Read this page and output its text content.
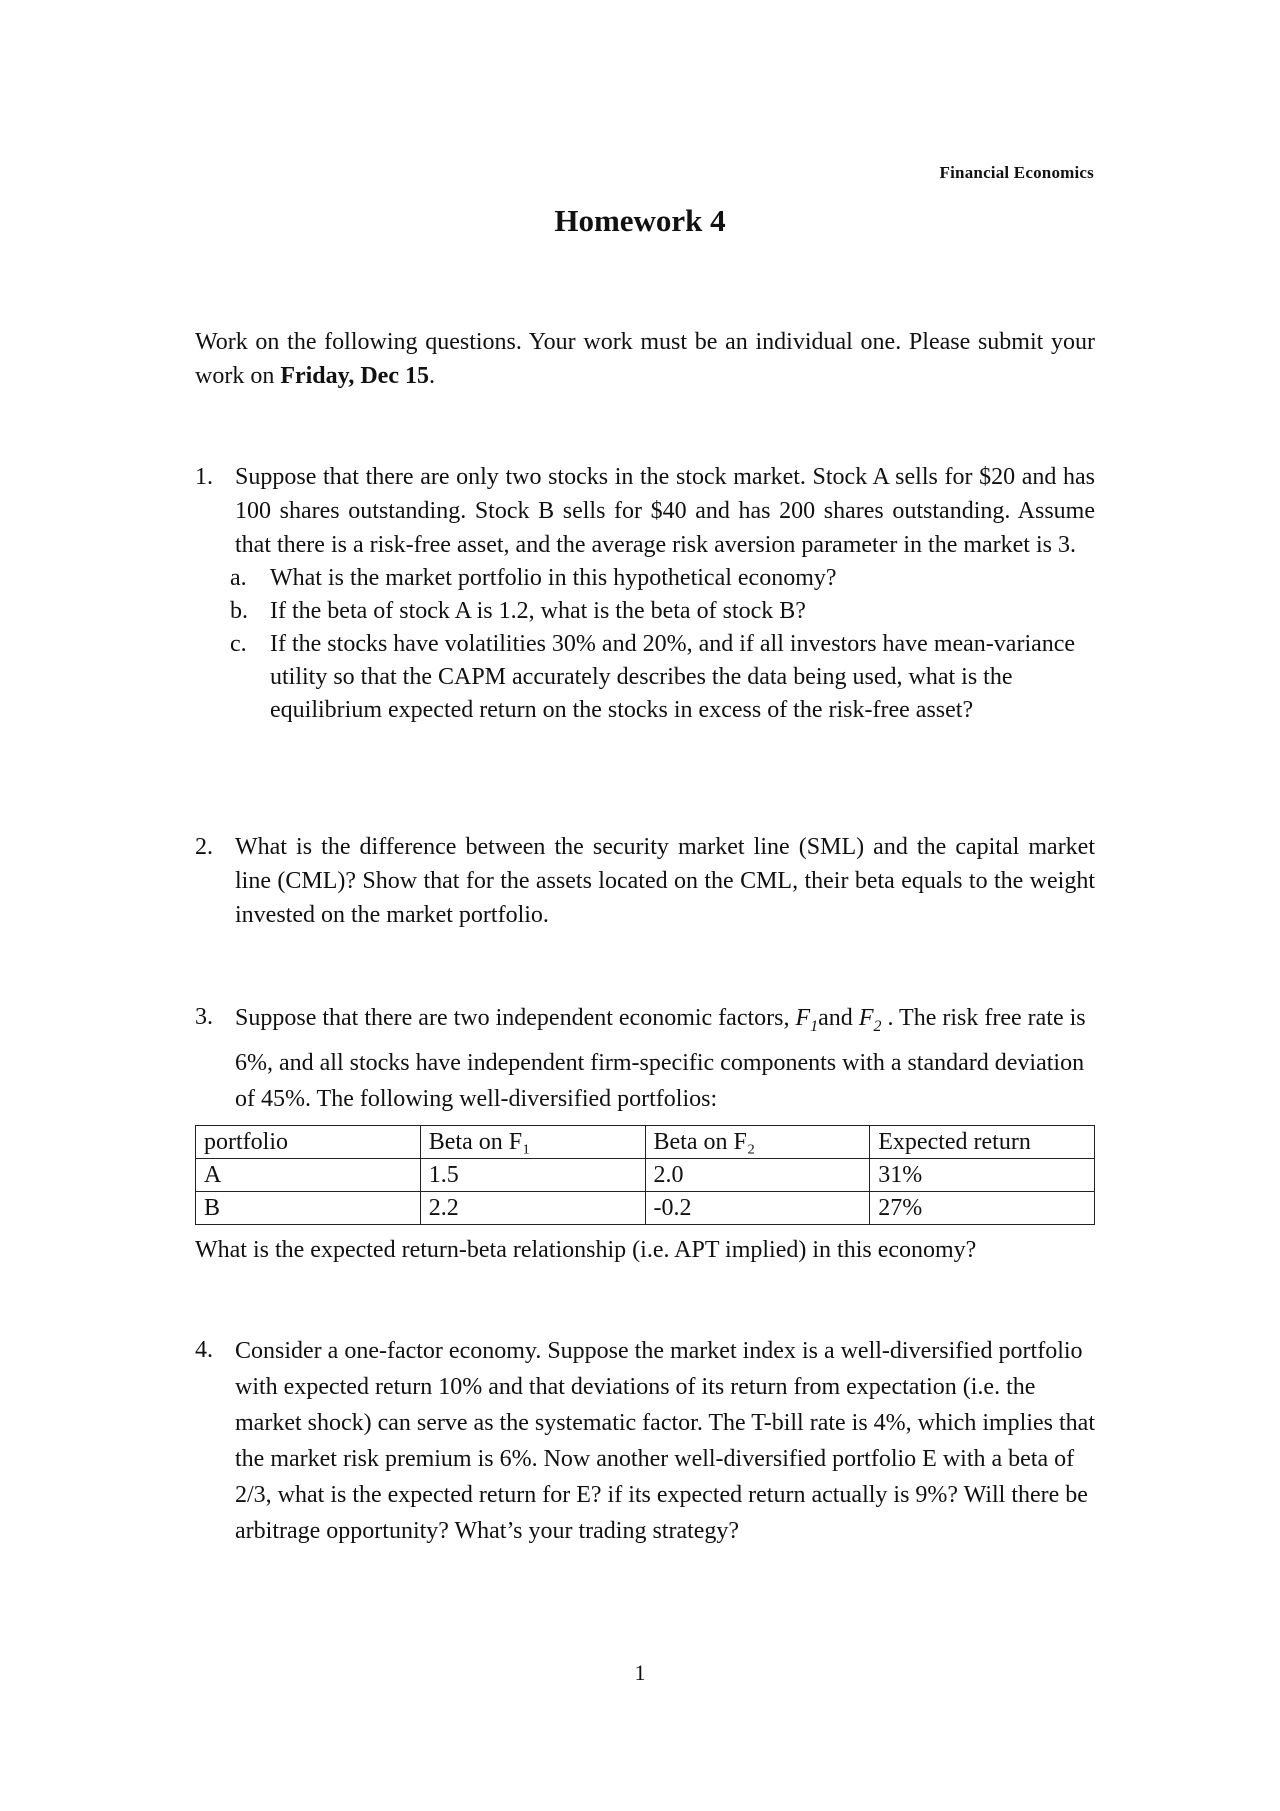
Financial Economics
Homework 4
Work on the following questions. Your work must be an individual one. Please submit your work on Friday, Dec 15.
1. Suppose that there are only two stocks in the stock market. Stock A sells for $20 and has 100 shares outstanding. Stock B sells for $40 and has 200 shares outstanding. Assume that there is a risk-free asset, and the average risk aversion parameter in the market is 3.
a. What is the market portfolio in this hypothetical economy?
b. If the beta of stock A is 1.2, what is the beta of stock B?
c. If the stocks have volatilities 30% and 20%, and if all investors have mean-variance utility so that the CAPM accurately describes the data being used, what is the equilibrium expected return on the stocks in excess of the risk-free asset?
2. What is the difference between the security market line (SML) and the capital market line (CML)? Show that for the assets located on the CML, their beta equals to the weight invested on the market portfolio.
3. Suppose that there are two independent economic factors, $F_1and$ $F_2$ . The risk free rate is 6%, and all stocks have independent firm-specific components with a standard deviation of 45%. The following well-diversified portfolios:
portfolio	Beta on F₁	Beta on F₂	Expected return
A	1.5	2.0	31%
B	2.2	-0.2	27%
What is the expected return-beta relationship (i.e. APT implied) in this economy?
4. Consider a one-factor economy. Suppose the market index is a well-diversified portfolio with expected return 10% and that deviations of its return from expectation (i.e. the market shock) can serve as the systematic factor. The T-bill rate is 4%, which implies that the market risk premium is 6%. Now another well-diversified portfolio E with a beta of 2/3, what is the expected return for E? if its expected return actually is 9%? Will there be arbitrage opportunity? What’s your trading strategy?
1
